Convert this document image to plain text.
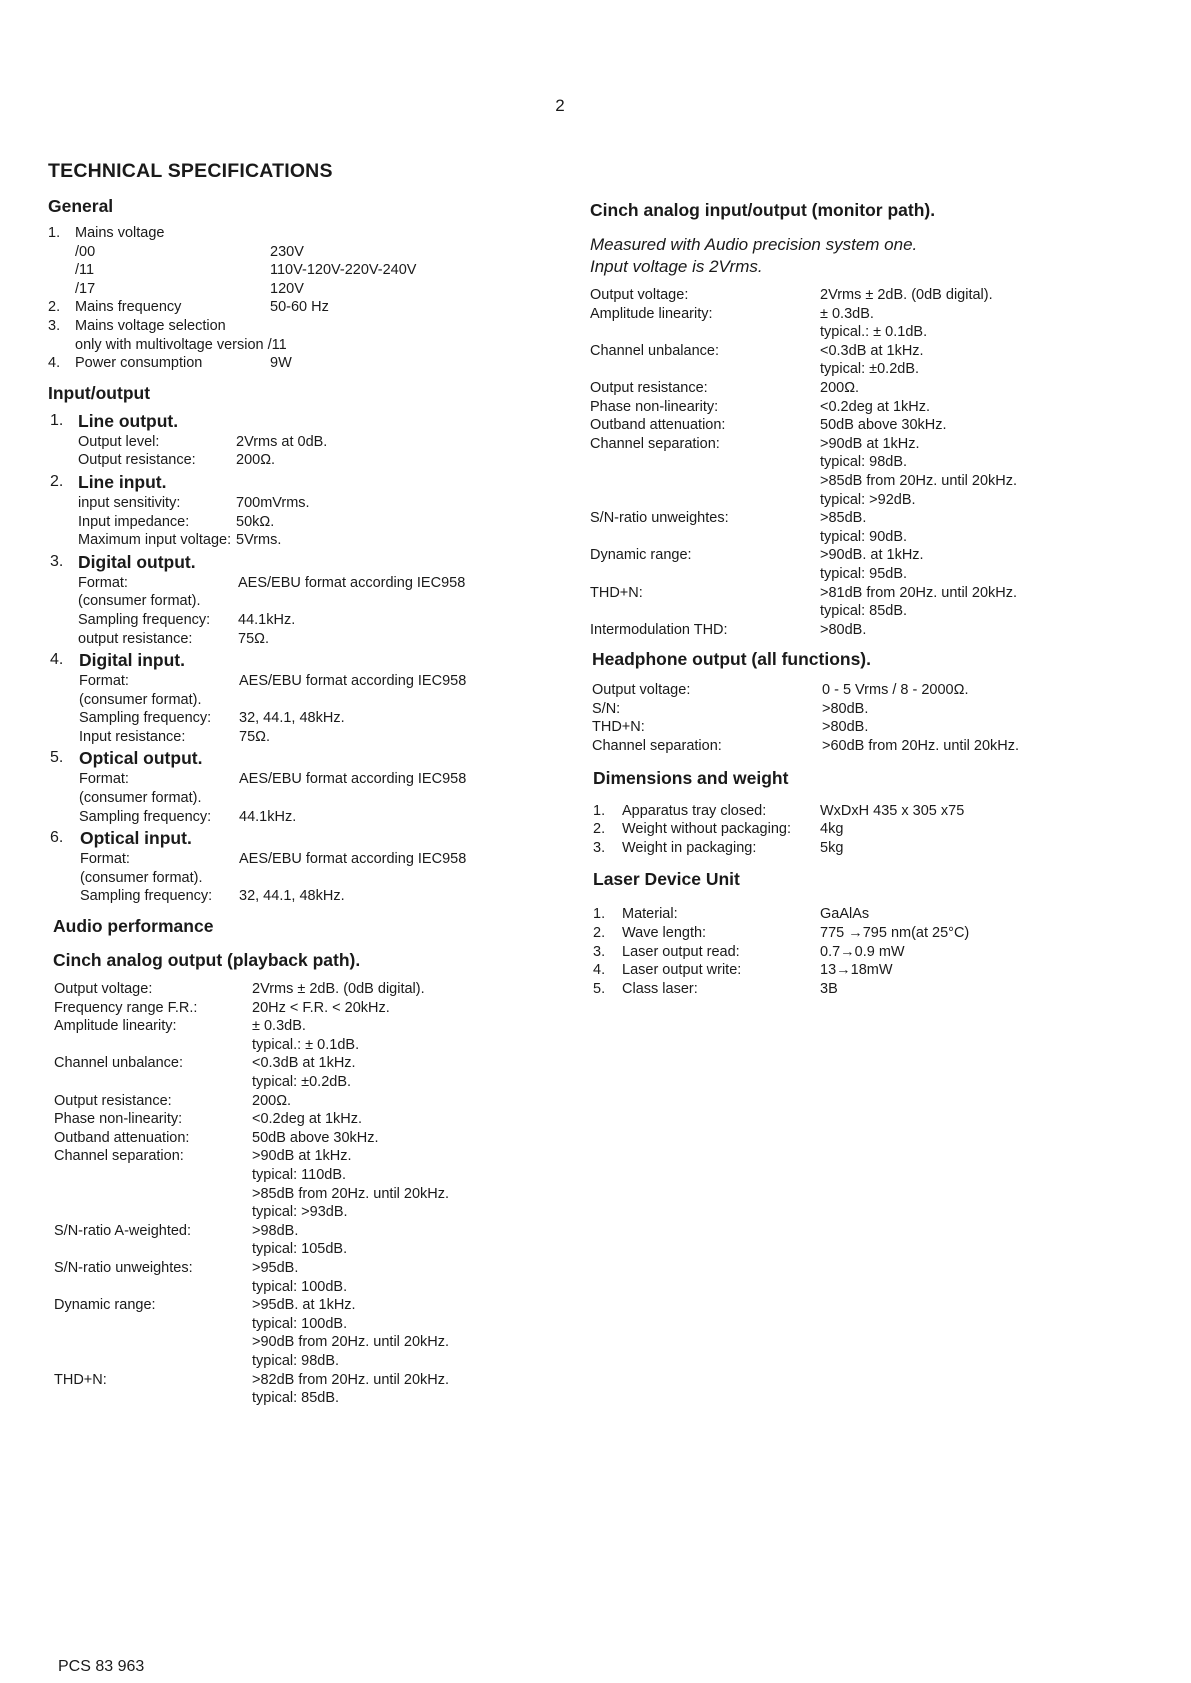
2
TECHNICAL SPECIFICATIONS
General
1. Mains voltage
/00	230V
/11	110V-120V-220V-240V
/17	120V
2. Mains frequency	50-60 Hz
3. Mains voltage selection
only with multivoltage version /11
4. Power consumption	9W
Input/output
1. Line output.
Output level:	2Vrms at 0dB.
Output resistance:	200Ω.
2. Line input.
input sensitivity:	700mVrms.
Input impedance:	50kΩ.
Maximum input voltage: 5Vrms.
3. Digital output.
Format:	AES/EBU format according IEC958
(consumer format).
Sampling frequency: 44.1kHz.
output resistance:	75Ω.
4. Digital input.
Format:	AES/EBU format according IEC958
(consumer format).
Sampling frequency: 32, 44.1, 48kHz.
Input resistance:	75Ω.
5. Optical output.
Format:	AES/EBU format according IEC958
(consumer format).
Sampling frequency: 44.1kHz.
6. Optical input.
Format:	AES/EBU format according IEC958
(consumer format).
Sampling frequency: 32, 44.1, 48kHz.
Audio performance
Cinch analog output (playback path).
Output voltage:	2Vrms ± 2dB. (0dB digital).
Frequency range F.R.:	20Hz < F.R. < 20kHz.
Amplitude linearity:	± 0.3dB.
typical.: ± 0.1dB.
Channel unbalance:	<0.3dB at 1kHz.
typical: ±0.2dB.
Output resistance:	200Ω.
Phase non-linearity:	<0.2deg at 1kHz.
Outband attenuation:	50dB above 30kHz.
Channel separation:	>90dB at 1kHz.
typical: 110dB.
>85dB from 20Hz. until 20kHz.
typical: >93dB.
S/N-ratio A-weighted:	>98dB.
typical: 105dB.
S/N-ratio unweightes:	>95dB.
typical: 100dB.
Dynamic range:	>95dB. at 1kHz.
typical: 100dB.
>90dB from 20Hz. until 20kHz.
typical: 98dB.
THD+N:	>82dB from 20Hz. until 20kHz.
typical: 85dB.
Cinch analog input/output (monitor path).
Measured with Audio precision system one.
Input voltage is 2Vrms.
Output voltage:	2Vrms ± 2dB. (0dB digital).
Amplitude linearity:	± 0.3dB.
typical.: ± 0.1dB.
Channel unbalance:	<0.3dB at 1kHz.
typical: ±0.2dB.
Output resistance:	200Ω.
Phase non-linearity:	<0.2deg at 1kHz.
Outband attenuation:	50dB above 30kHz.
Channel separation:	>90dB at 1kHz.
typical: 98dB.
>85dB from 20Hz. until 20kHz.
typical: >92dB.
S/N-ratio unweightes:	>85dB.
typical: 90dB.
Dynamic range:	>90dB. at 1kHz.
typical: 95dB.
THD+N:	>81dB from 20Hz. until 20kHz.
typical: 85dB.
Intermodulation THD:	>80dB.
Headphone output (all functions).
Output voltage:	0 - 5 Vrms / 8 - 2000Ω.
S/N:	>80dB.
THD+N:	>80dB.
Channel separation:	>60dB from 20Hz. until 20kHz.
Dimensions and weight
1. Apparatus tray closed:	WxDxH 435 x 305 x75
2. Weight without packaging: 4kg
3. Weight in packaging:	5kg
Laser Device Unit
1. Material:	GaAlAs
2. Wave length:	775 →795 nm(at 25°C)
3. Laser output read:	0.7→0.9 mW
4. Laser output write:	13→18mW
5. Class laser:	3B
PCS 83 963
